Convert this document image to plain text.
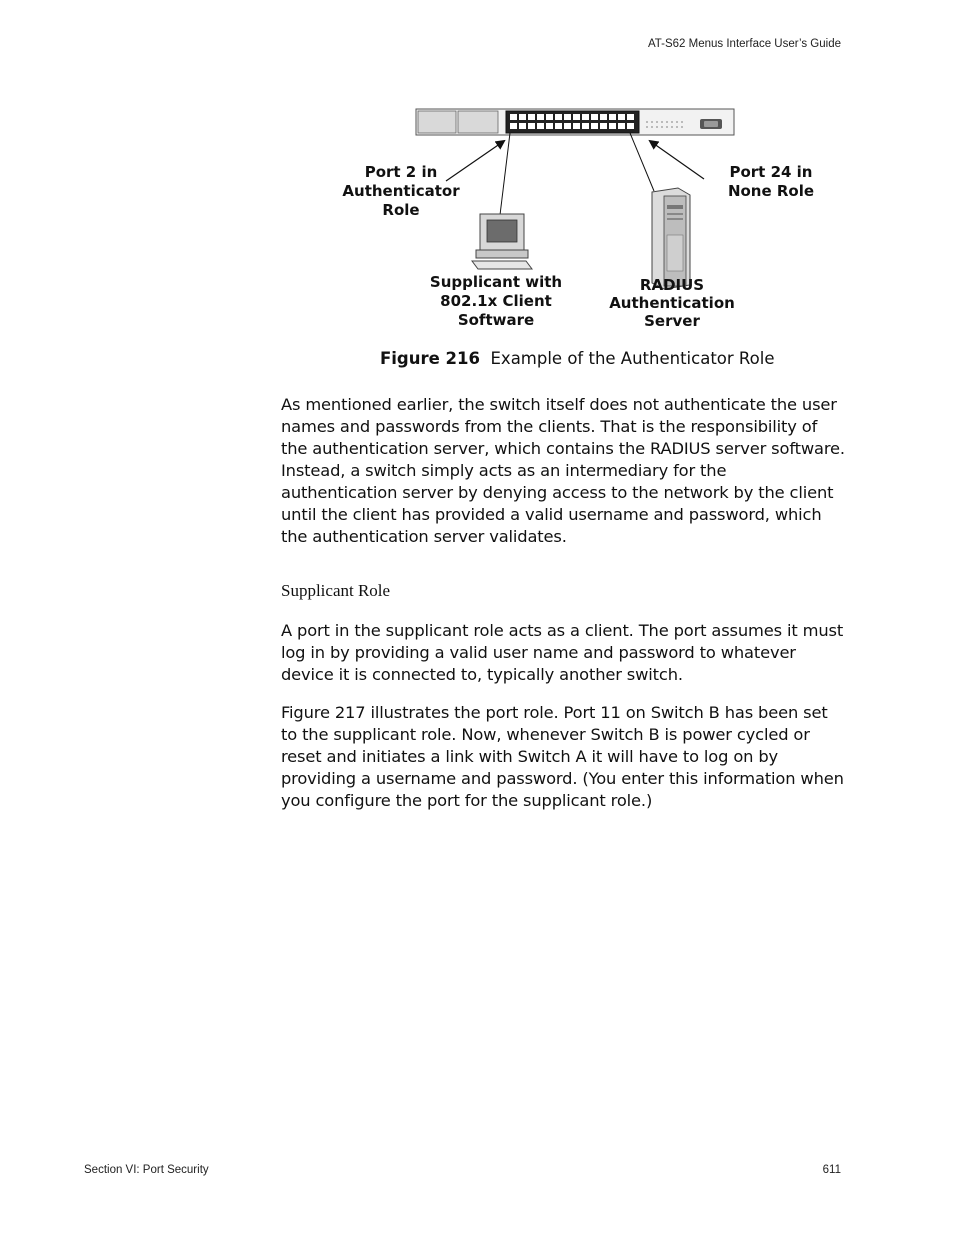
AT-S62 Menus Interface User’s Guide
Port 2 in
Authenticator
Role
Port 24 in
None Role
Supplicant with
802.1x Client
Software
RADIUS
Authentication
Server
Figure 216 Example of the Authenticator Role

As mentioned earlier, the switch itself does not authenticate the user names and passwords from the clients. That is the responsibility of the authentication server, which contains the RADIUS server software. Instead, a switch simply acts as an intermediary for the authentication server by denying access to the network by the client until the client has provided a valid username and password, which the authentication server validates.

Supplicant Role

A port in the supplicant role acts as a client. The port assumes it must log in by providing a valid user name and password to whatever device it is connected to, typically another switch.

Figure 217 illustrates the port role. Port 11 on Switch B has been set to the supplicant role. Now, whenever Switch B is power cycled or reset and initiates a link with Switch A it will have to log on by providing a username and password. (You enter this information when you configure the port for the supplicant role.)

Section VI: Port Security	611
